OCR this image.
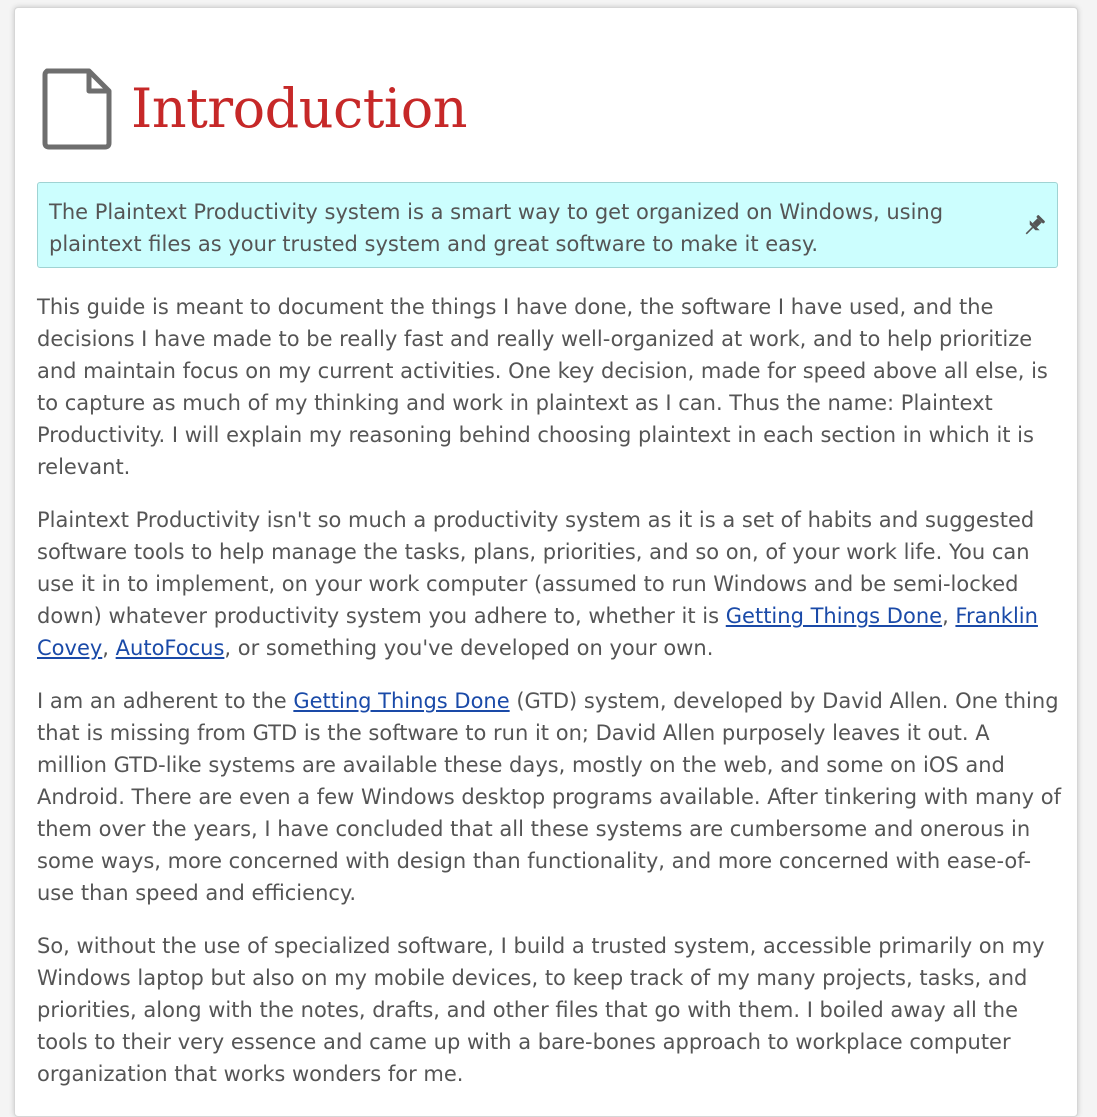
Introduction

The Plaintext Productivity system is a smart way to get organized on Windows, using plaintext files as your trusted system and great software to make it easy.

This guide is meant to document the things I have done, the software I have used, and the decisions I have made to be really fast and really well-organized at work, and to help prioritize and maintain focus on my current activities. One key decision, made for speed above all else, is to capture as much of my thinking and work in plaintext as I can. Thus the name: Plaintext Productivity. I will explain my reasoning behind choosing plaintext in each section in which it is relevant.

Plaintext Productivity isn't so much a productivity system as it is a set of habits and suggested software tools to help manage the tasks, plans, priorities, and so on, of your work life. You can use it in to implement, on your work computer (assumed to run Windows and be semi-locked down) whatever productivity system you adhere to, whether it is Getting Things Done, Franklin Covey, AutoFocus, or something you've developed on your own.

I am an adherent to the Getting Things Done (GTD) system, developed by David Allen. One thing that is missing from GTD is the software to run it on; David Allen purposely leaves it out. A million GTD-like systems are available these days, mostly on the web, and some on iOS and Android. There are even a few Windows desktop programs available. After tinkering with many of them over the years, I have concluded that all these systems are cumbersome and onerous in some ways, more concerned with design than functionality, and more concerned with ease-of-use than speed and efficiency.

So, without the use of specialized software, I build a trusted system, accessible primarily on my Windows laptop but also on my mobile devices, to keep track of my many projects, tasks, and priorities, along with the notes, drafts, and other files that go with them. I boiled away all the tools to their very essence and came up with a bare-bones approach to workplace computer organization that works wonders for me.
